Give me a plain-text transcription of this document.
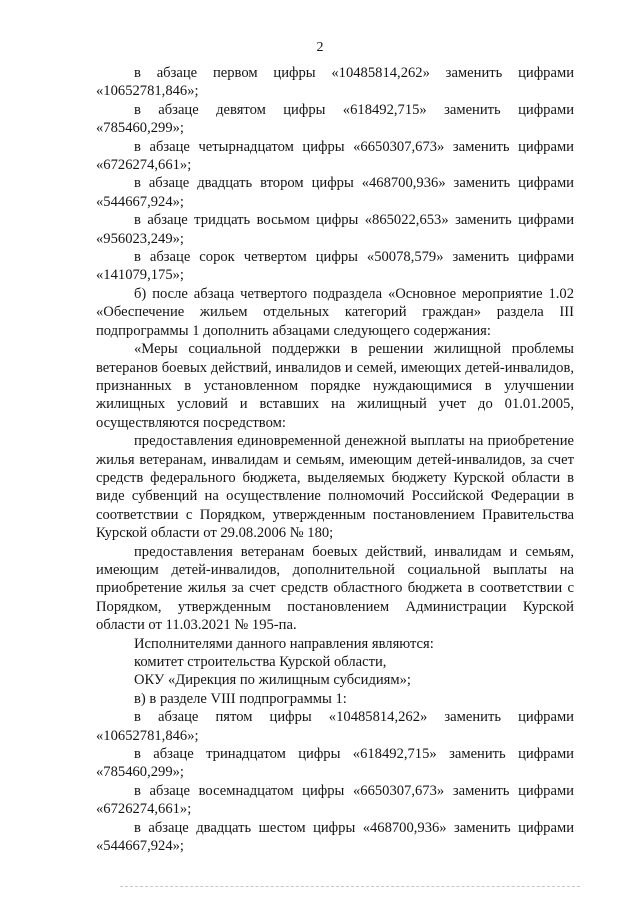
2

в абзаце первом цифры «10485814,262» заменить цифрами «10652781,846»;

в абзаце девятом цифры «618492,715» заменить цифрами «785460,299»;

в абзаце четырнадцатом цифры «6650307,673» заменить цифрами «6726274,661»;

в абзаце двадцать втором цифры «468700,936» заменить цифрами «544667,924»;

в абзаце тридцать восьмом цифры «865022,653» заменить цифрами «956023,249»;

в абзаце сорок четвертом цифры «50078,579» заменить цифрами «141079,175»;

б) после абзаца четвертого подраздела «Основное мероприятие 1.02 «Обеспечение жильем отдельных категорий граждан» раздела III подпрограммы 1 дополнить абзацами следующего содержания:

«Меры социальной поддержки в решении жилищной проблемы ветеранов боевых действий, инвалидов и семей, имеющих детей-инвалидов, признанных в установленном порядке нуждающимися в улучшении жилищных условий и вставших на жилищный учет до 01.01.2005, осуществляются посредством:

предоставления единовременной денежной выплаты на приобретение жилья ветеранам, инвалидам и семьям, имеющим детей-инвалидов, за счет средств федерального бюджета, выделяемых бюджету Курской области в виде субвенций на осуществление полномочий Российской Федерации в соответствии с Порядком, утвержденным постановлением Правительства Курской области от 29.08.2006 № 180;

предоставления ветеранам боевых действий, инвалидам и семьям, имеющим детей-инвалидов, дополнительной социальной выплаты на приобретение жилья за счет средств областного бюджета в соответствии с Порядком, утвержденным постановлением Администрации Курской области от 11.03.2021 № 195-па.

Исполнителями данного направления являются:

комитет строительства Курской области,

ОКУ «Дирекция по жилищным субсидиям»;

в) в разделе VIII подпрограммы 1:

в абзаце пятом цифры «10485814,262» заменить цифрами «10652781,846»;

в абзаце тринадцатом цифры «618492,715» заменить цифрами «785460,299»;

в абзаце восемнадцатом цифры «6650307,673» заменить цифрами «6726274,661»;

в абзаце двадцать шестом цифры «468700,936» заменить цифрами «544667,924»;
